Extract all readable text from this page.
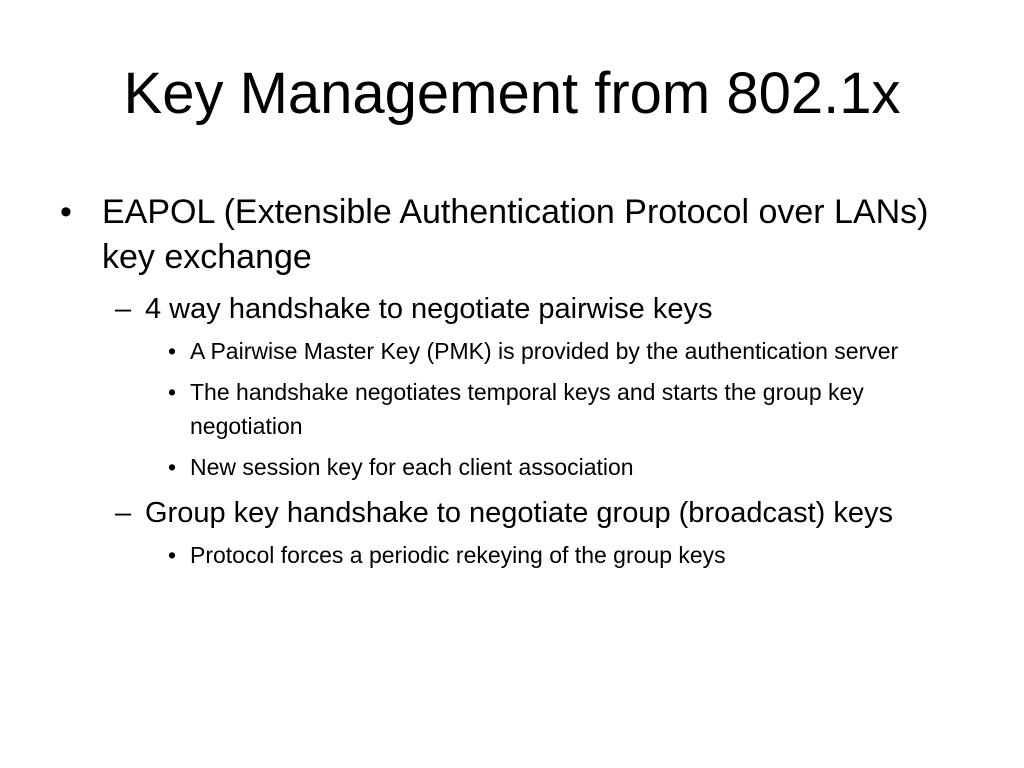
Key Management from 802.1x
• EAPOL (Extensible Authentication Protocol over LANs) key exchange
– 4 way handshake to negotiate pairwise keys
• A Pairwise Master Key (PMK) is provided by the authentication server
• The handshake negotiates temporal keys and starts the group key negotiation
• New session key for each client association
– Group key handshake to negotiate group (broadcast) keys
• Protocol forces a periodic rekeying of the group keys
